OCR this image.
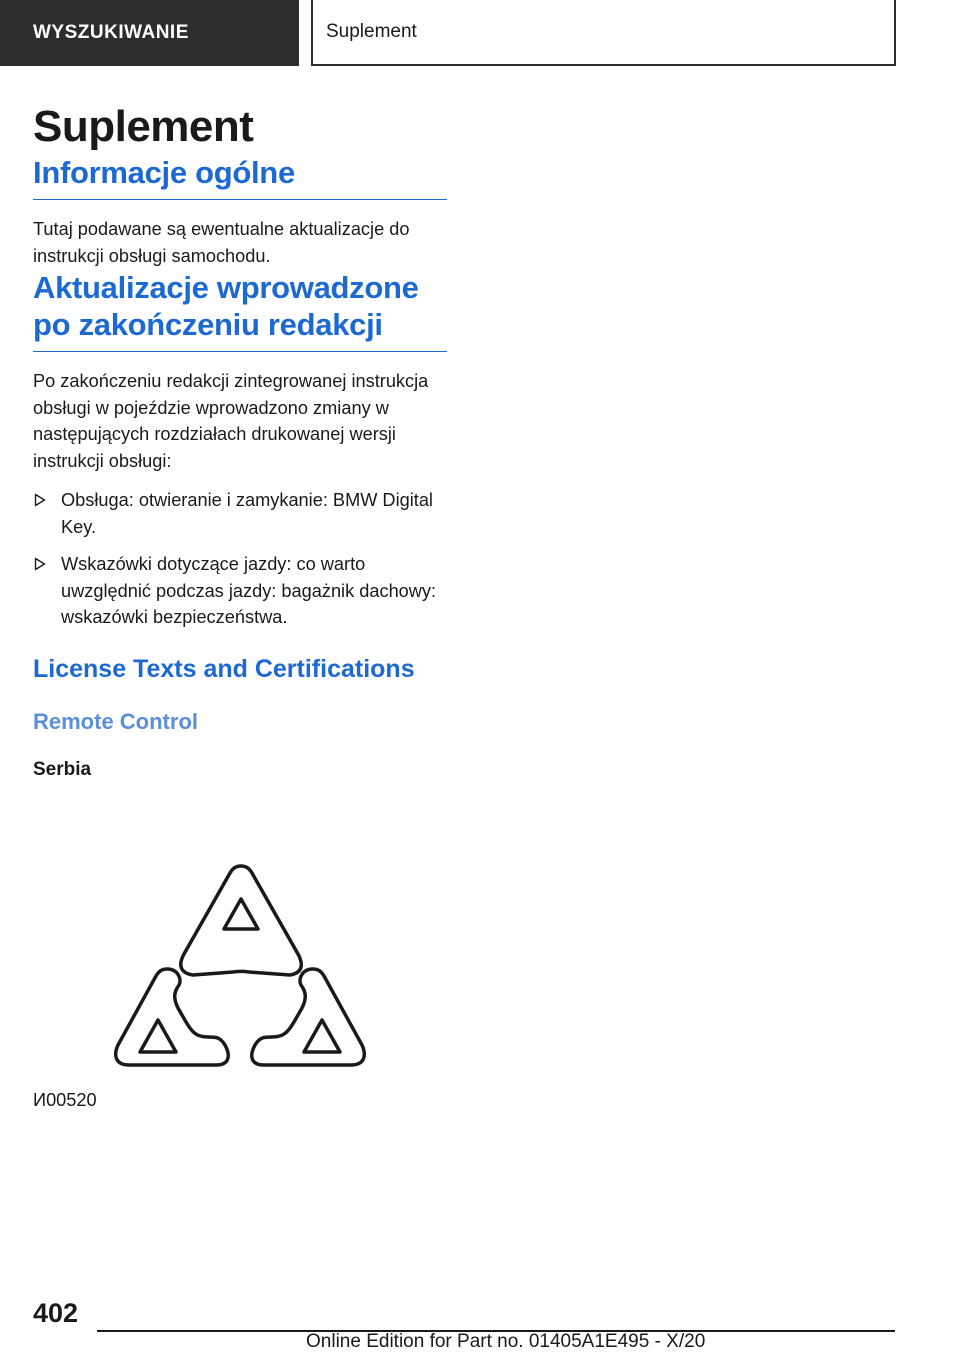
WYSZUKIWANIE	Suplement
Suplement
Informacje ogólne

Tutaj podawane są ewentualne aktualizacje do instrukcji obsługi samochodu.

Aktualizacje wprowadzone po zakończeniu redakcji

Po zakończeniu redakcji zintegrowanej instrukcja obsługi w pojeździe wprowadzono zmiany w następujących rozdziałach drukowanej wersji instrukcji obsługi:

Obsługa: otwieranie i zamykanie: BMW Digital Key.
Wskazówki dotyczące jazdy: co warto uwzględnić podczas jazdy: bagażnik dachowy: wskazówki bezpieczeństwa.
License Texts and Certifications
Remote Control
Serbia
И00520
402
Online Edition for Part no. 01405A1E495 - X/20
